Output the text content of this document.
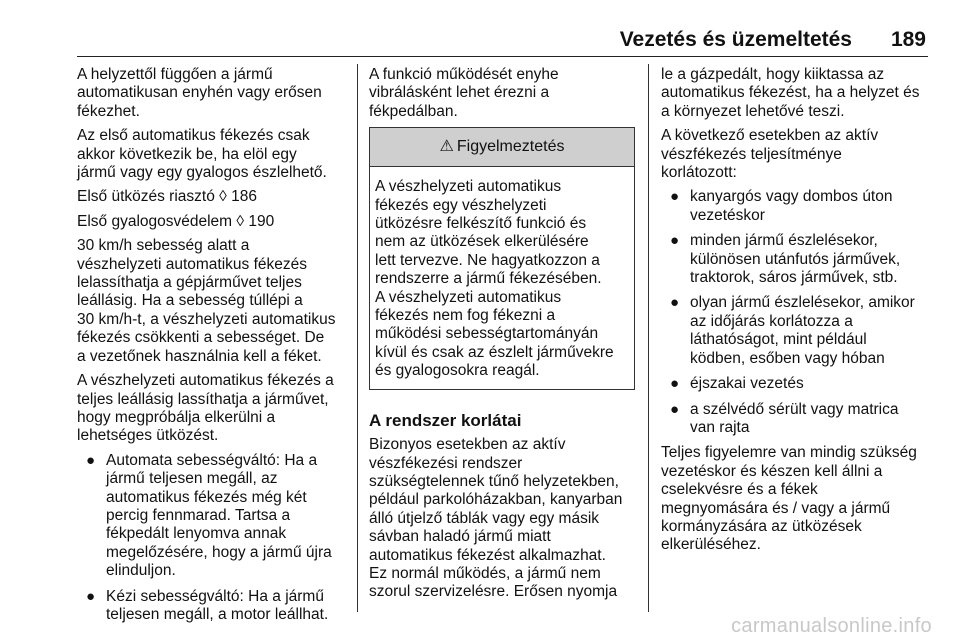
Vezetés és üzemeltetés 189

A helyzettől függően a jármű
automatikusan enyhén vagy erősen
fékezhet.

Az első automatikus fékezés csak
akkor következik be, ha elöl egy
jármű vagy egy gyalogos észlelhető.

Első ütközés riasztó ◊ 186

Első gyalogosvédelem ◊ 190

30 km/h sebesség alatt a
vészhelyzeti automatikus fékezés
lelassíthatja a gépjárművet teljes
leállásig. Ha a sebesség túllépi a
30 km/h-t, a vészhelyzeti automatikus
fékezés csökkenti a sebességet. De
a vezetőnek használnia kell a féket.

A vészhelyzeti automatikus fékezés a
teljes leállásig lassíthatja a járművet,
hogy megpróbálja elkerülni a
lehetséges ütközést.

● Automata sebességváltó: Ha a
jármű teljesen megáll, az
automatikus fékezés még két
percig fennmarad. Tartsa a
fékpedált lenyomva annak
megelőzésére, hogy a jármű újra
elinduljon.
● Kézi sebességváltó: Ha a jármű
teljesen megáll, a motor leállhat.

A funkció működését enyhe
vibrálásként lehet érezni a
fékpedálban.

⚠ Figyelmeztetés
A vészhelyzeti automatikus
fékezés egy vészhelyzeti
ütközésre felkészítő funkció és
nem az ütközések elkerülésére
lett tervezve. Ne hagyatkozzon a
rendszerre a jármű fékezésében.
A vészhelyzeti automatikus
fékezés nem fog fékezni a
működési sebességtartományán
kívül és csak az észlelt járművekre
és gyalogosokra reagál.
A rendszer korlátai

Bizonyos esetekben az aktív
vészfékezési rendszer
szükségtelennek tűnő helyzetekben,
például parkolóházakban, kanyarban
álló útjelző táblák vagy egy másik
sávban haladó jármű miatt
automatikus fékezést alkalmazhat.
Ez normál működés, a jármű nem
szorul szervizelésre. Erősen nyomja

le a gázpedált, hogy kiiktassa az
automatikus fékezést, ha a helyzet és
a környezet lehetővé teszi.

A következő esetekben az aktív
vészfékezés teljesítménye
korlátozott:

● kanyargós vagy dombos úton
vezetéskor
● minden jármű észlelésekor,
különösen utánfutós járművek,
traktorok, sáros járművek, stb.
● olyan jármű észlelésekor, amikor
az időjárás korlátozza a
láthatóságot, mint például
ködben, esőben vagy hóban
● éjszakai vezetés
● a szélvédő sérült vagy matrica
van rajta

Teljes figyelemre van mindig szükség
vezetéskor és készen kell állni a
cselekvésre és a fékek
megnyomására és / vagy a jármű
kormányzására az ütközések
elkerüléséhez.

carmanualsonline.info
